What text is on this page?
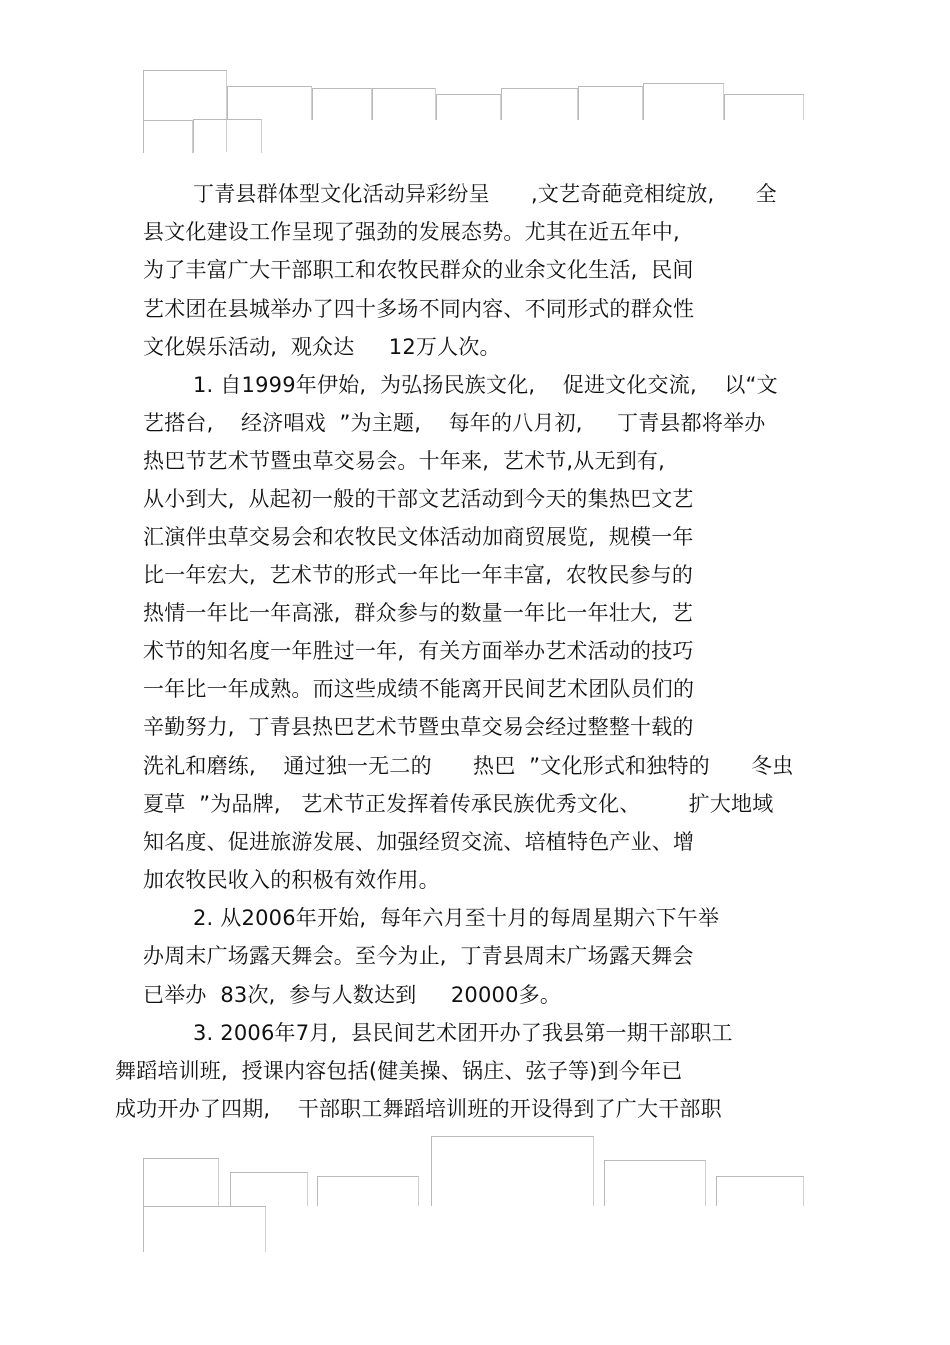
丁青县群体型文化活动异彩纷呈      ,文艺奇葩竞相绽放,      全
县文化建设工作呈现了强劲的发展态势。尤其在近五年中,
为了丰富广大干部职工和农牧民群众的业余文化生活,  民间
艺术团在县城举办了四十多场不同内容、不同形式的群众性
文化娱乐活动,  观众达     12万人次。
1. 自1999年伊始,  为弘扬民族文化,    促进文化交流,    以“文
艺搭台,    经济唱戏  ”为主题,    每年的八月初,     丁青县都将举办
热巴节艺术节暨虫草交易会。十年来,  艺术节,从无到有,
从小到大,  从起初一般的干部文艺活动到今天的集热巴文艺
汇演伴虫草交易会和农牧民文体活动加商贸展览,  规模一年
比一年宏大,  艺术节的形式一年比一年丰富,  农牧民参与的
热情一年比一年高涨,  群众参与的数量一年比一年壮大,  艺
术节的知名度一年胜过一年,  有关方面举办艺术活动的技巧
一年比一年成熟。而这些成绩不能离开民间艺术团队员们的
辛勤努力,  丁青县热巴艺术节暨虫草交易会经过整整十载的
洗礼和磨练,    通过独一无二的      热巴  ”文化形式和独特的      冬虫
夏草  ”为品牌,   艺术节正发挥着传承民族优秀文化、       扩大地域
知名度、促进旅游发展、加强经贸交流、培植特色产业、增
加农牧民收入的积极有效作用。
2. 从2006年开始,  每年六月至十月的每周星期六下午举
办周末广场露天舞会。至今为止,  丁青县周末广场露天舞会
已举办  83次,  参与人数达到     20000多。
3. 2006年7月,  县民间艺术团开办了我县第一期干部职工
舞蹈培训班,  授课内容包括(健美操、锅庄、弦子等)到今年已
成功开办了四期,    干部职工舞蹈培训班的开设得到了广大干部职
